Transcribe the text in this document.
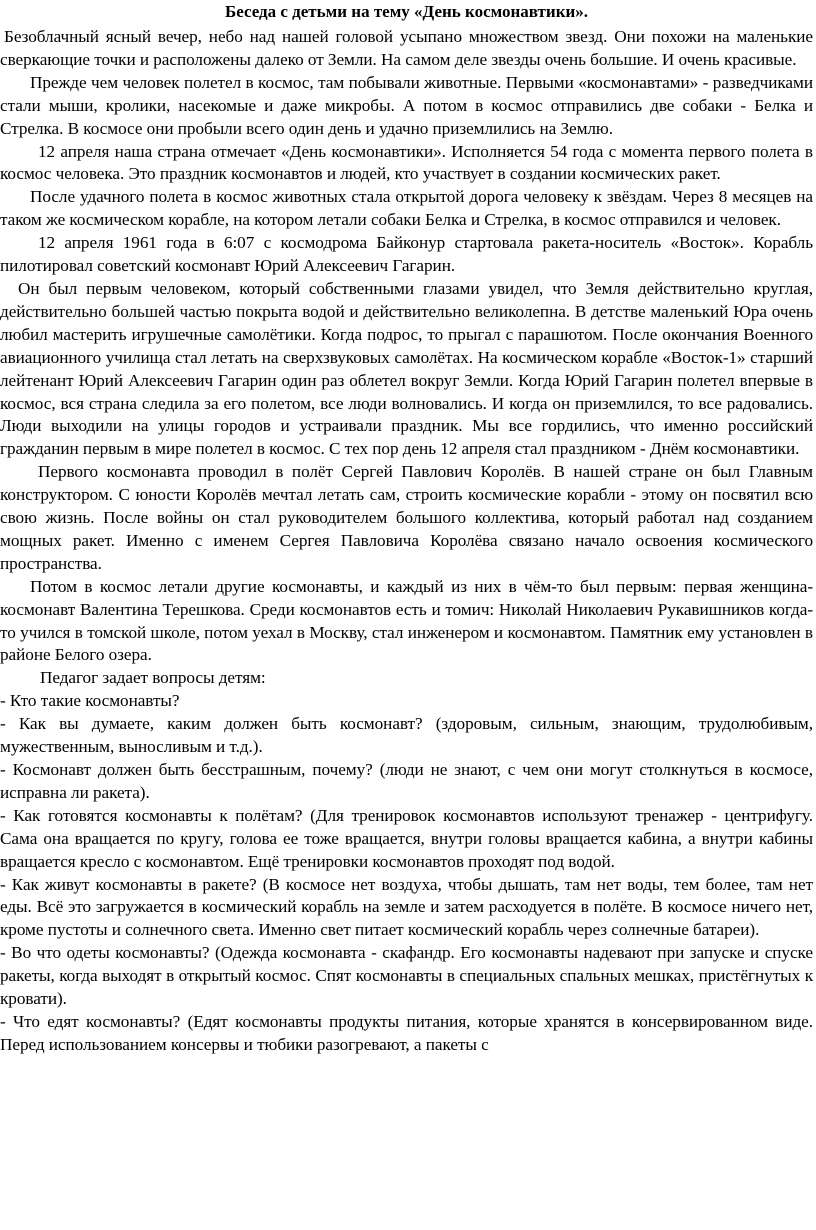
Беседа с детьми на тему «День космонавтики».

Безоблачный ясный вечер, небо над нашей головой усыпано множеством звезд. Они похожи на маленькие сверкающие точки и расположены далеко от Земли. На самом деле звезды очень большие. И очень красивые.

Прежде чем человек полетел в космос, там побывали животные. Первыми «космонавтами» - разведчиками стали мыши, кролики, насекомые и даже микробы. А потом в космос отправились две собаки - Белка и Стрелка. В космосе они пробыли всего один день и удачно приземлились на Землю.

12 апреля наша страна отмечает «День космонавтики». Исполняется 54 года с момента первого полета в космос человека. Это праздник космонавтов и людей, кто участвует в создании космических ракет.

После удачного полета в космос животных стала открытой дорога человеку к звёздам. Через 8 месяцев на таком же космическом корабле, на котором летали собаки Белка и Стрелка, в космос отправился и человек.

12 апреля 1961 года в 6:07 с космодрома Байконур стартовала ракета-носитель «Восток». Корабль пилотировал советский космонавт Юрий Алексеевич Гагарин.

Он был первым человеком, который собственными глазами увидел, что Земля действительно круглая, действительно большей частью покрыта водой и действительно великолепна. В детстве маленький Юра очень любил мастерить игрушечные самолётики. Когда подрос, то прыгал с парашютом. После окончания Военного авиационного училища стал летать на сверхзвуковых самолётах. На космическом корабле «Восток-1» старший лейтенант Юрий Алексеевич Гагарин один раз облетел вокруг Земли. Когда Юрий Гагарин полетел впервые в космос, вся страна следила за его полетом, все люди волновались. И когда он приземлился, то все радовались. Люди выходили на улицы городов и устраивали праздник. Мы все гордились, что именно российский гражданин первым в мире полетел в космос. С тех пор день 12 апреля стал праздником - Днём космонавтики.

Первого космонавта проводил в полёт Сергей Павлович Королёв. В нашей стране он был Главным конструктором. С юности Королёв мечтал летать сам, строить космические корабли - этому он посвятил всю свою жизнь. После войны он стал руководителем большого коллектива, который работал над созданием мощных ракет. Именно с именем Сергея Павловича Королёва связано начало освоения космического пространства.

Потом в космос летали другие космонавты, и каждый из них в чём-то был первым: первая женщина-космонавт Валентина Терешкова. Среди космонавтов есть и томич: Николай Николаевич Рукавишников когда-то учился в томской школе, потом уехал в Москву, стал инженером и космонавтом. Памятник ему установлен в районе Белого озера.

Педагог задает вопросы детям:

- Кто такие космонавты?

- Как вы думаете, каким должен быть космонавт? (здоровым, сильным, знающим, трудолюбивым, мужественным, выносливым и т.д.).

- Космонавт должен быть бесстрашным, почему? (люди не знают, с чем они могут столкнуться в космосе, исправна ли ракета).

- Как готовятся космонавты к полётам? (Для тренировок космонавтов используют тренажер - центрифугу. Сама она вращается по кругу, голова ее тоже вращается, внутри головы вращается кабина, а внутри кабины вращается кресло с космонавтом. Ещё тренировки космонавтов проходят под водой.

- Как живут космонавты в ракете? (В космосе нет воздуха, чтобы дышать, там нет воды, тем более, там нет еды. Всё это загружается в космический корабль на земле и затем расходуется в полёте. В космосе ничего нет, кроме пустоты и солнечного света. Именно свет питает космический корабль через солнечные батареи).

- Во что одеты космонавты? (Одежда космонавта - скафандр. Его космонавты надевают при запуске и спуске ракеты, когда выходят в открытый космос. Спят космонавты в специальных спальных мешках, пристёгнутых к кровати).

- Что едят космонавты? (Едят космонавты продукты питания, которые хранятся в консервированном виде. Перед использованием консервы и тюбики разогревают, а пакеты с
